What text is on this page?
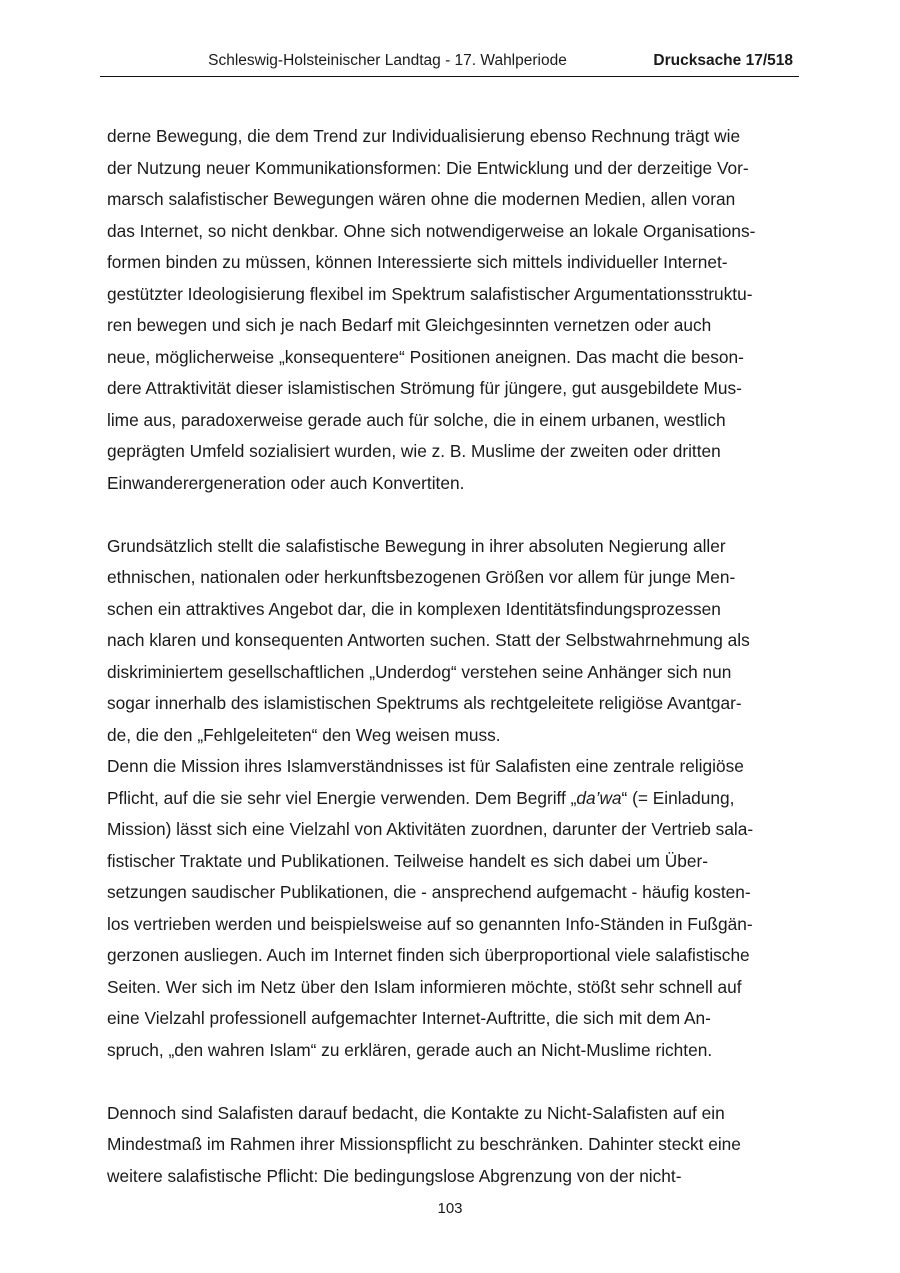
Schleswig-Holsteinischer Landtag - 17. Wahlperiode	Drucksache 17/518
derne Bewegung, die dem Trend zur Individualisierung ebenso Rechnung trägt wie
der Nutzung neuer Kommunikationsformen: Die Entwicklung und der derzeitige Vor-
marsch salafistischer Bewegungen wären ohne die modernen Medien, allen voran
das Internet, so nicht denkbar. Ohne sich notwendigerweise an lokale Organisations-
formen binden zu müssen, können Interessierte sich mittels individueller Internet-
gestützter Ideologisierung flexibel im Spektrum salafistischer Argumentationsstruktu-
ren bewegen und sich je nach Bedarf mit Gleichgesinnten vernetzen oder auch
neue, möglicherweise „konsequentere“ Positionen aneignen. Das macht die beson-
dere Attraktivität dieser islamistischen Strömung für jüngere, gut ausgebildete Mus-
lime aus, paradoxerweise gerade auch für solche, die in einem urbanen, westlich
geprägten Umfeld sozialisiert wurden, wie z. B. Muslime der zweiten oder dritten
Einwanderergeneration oder auch Konvertiten.
Grundsätzlich stellt die salafistische Bewegung in ihrer absoluten Negierung aller
ethnischen, nationalen oder herkunftsbezogenen Größen vor allem für junge Men-
schen ein attraktives Angebot dar, die in komplexen Identitätsfindungsprozessen
nach klaren und konsequenten Antworten suchen. Statt der Selbstwahrnehmung als
diskriminiertem gesellschaftlichen „Underdog“ verstehen seine Anhänger sich nun
sogar innerhalb des islamistischen Spektrums als rechtgeleitete religiöse Avantgar-
de, die den „Fehlgeleiteten“ den Weg weisen muss.
Denn die Mission ihres Islamverständnisses ist für Salafisten eine zentrale religiöse
Pflicht, auf die sie sehr viel Energie verwenden. Dem Begriff „da’wa“ (= Einladung,
Mission) lässt sich eine Vielzahl von Aktivitäten zuordnen, darunter der Vertrieb sala-
fistischer Traktate und Publikationen. Teilweise handelt es sich dabei um Über-
setzungen saudischer Publikationen, die - ansprechend aufgemacht - häufig kosten-
los vertrieben werden und beispielsweise auf so genannten Info-Ständen in Fußgän-
gerzonen ausliegen. Auch im Internet finden sich überproportional viele salafistische
Seiten. Wer sich im Netz über den Islam informieren möchte, stößt sehr schnell auf
eine Vielzahl professionell aufgemachter Internet-Auftritte, die sich mit dem An-
spruch, „den wahren Islam“ zu erklären, gerade auch an Nicht-Muslime richten.
Dennoch sind Salafisten darauf bedacht, die Kontakte zu Nicht-Salafisten auf ein
Mindestmaß im Rahmen ihrer Missionspflicht zu beschränken. Dahinter steckt eine
weitere salafistische Pflicht: Die bedingungslose Abgrenzung von der nicht-
103
